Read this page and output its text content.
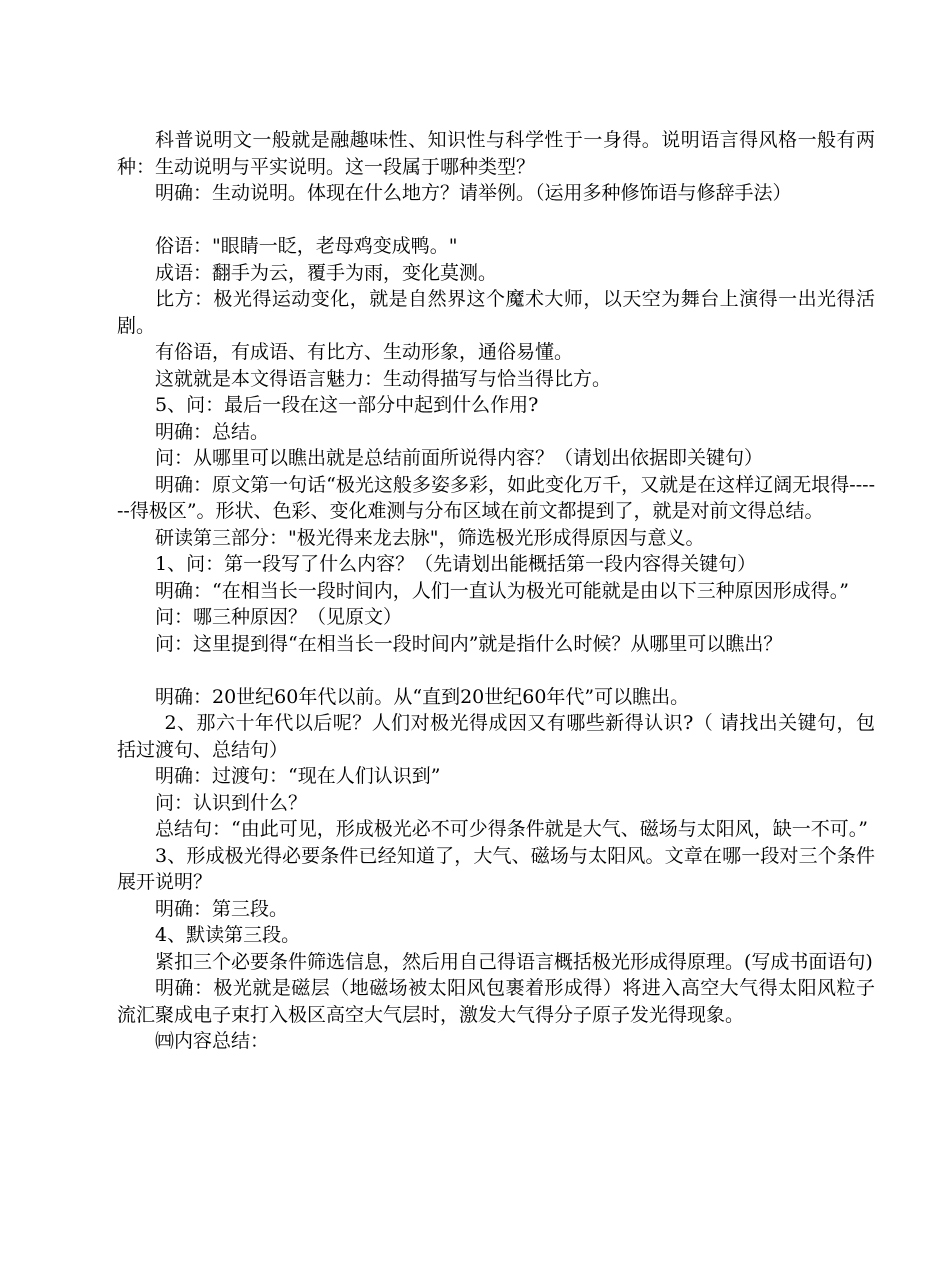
科普说明文一般就是融趣味性、知识性与科学性于一身得。说明语言得风格一般有两种：生动说明与平实说明。这一段属于哪种类型？

明确：生动说明。体现在什么地方？请举例。（运用多种修饰语与修辞手法）

俗语："眼睛一眨，老母鸡变成鸭。"

成语：翻手为云，覆手为雨，变化莫测。

比方：极光得运动变化，就是自然界这个魔术大师，以天空为舞台上演得一出光得活剧。

有俗语，有成语、有比方、生动形象，通俗易懂。

这就就是本文得语言魅力：生动得描写与恰当得比方。

5、问：最后一段在这一部分中起到什么作用?

明确：总结。

问：从哪里可以瞧出就是总结前面所说得内容？（请划出依据即关键句）

明确：原文第一句话“极光这般多姿多彩，如此变化万千，又就是在这样辽阔无垠得------得极区”。形状、色彩、变化难测与分布区域在前文都提到了，就是对前文得总结。

研读第三部分："极光得来龙去脉"，筛选极光形成得原因与意义。

1、问：第一段写了什么内容？（先请划出能概括第一段内容得关键句）

明确：“在相当长一段时间内，人们一直认为极光可能就是由以下三种原因形成得。”

问：哪三种原因？（见原文）

问：这里提到得“在相当长一段时间内”就是指什么时候？从哪里可以瞧出？

明确：20世纪60年代以前。从“直到20世纪60年代”可以瞧出。

2、那六十年代以后呢？人们对极光得成因又有哪些新得认识?（ 请找出关键句，包括过渡句、总结句）

明确：过渡句：“现在人们认识到”

问：认识到什么？

总结句：“由此可见，形成极光必不可少得条件就是大气、磁场与太阳风，缺一不可。”

3、形成极光得必要条件已经知道了，大气、磁场与太阳风。文章在哪一段对三个条件展开说明？

明确：第三段。

4、默读第三段。

紧扣三个必要条件筛选信息，然后用自己得语言概括极光形成得原理。(写成书面语句)

明确：极光就是磁层（地磁场被太阳风包裹着形成得）将进入高空大气得太阳风粒子流汇聚成电子束打入极区高空大气层时，激发大气得分子原子发光得现象。

㈣内容总结：
